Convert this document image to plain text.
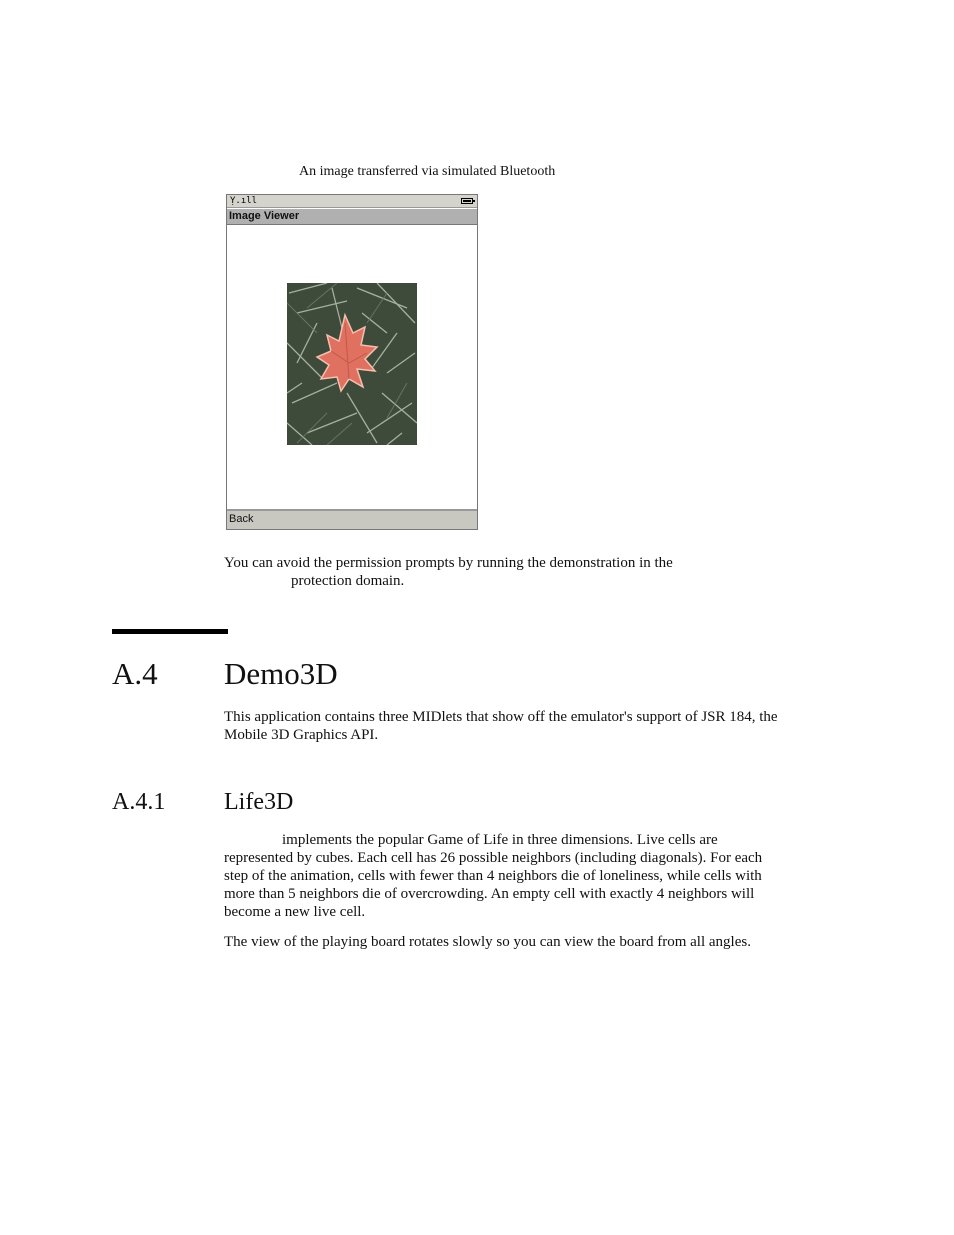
An image transferred via simulated Bluetooth
Ỵ.ıll
Image Viewer
Back
You can avoid the permission prompts by running the demonstration in the
protection domain.
A.4 Demo3D
This application contains three MIDlets that show off the emulator's support of JSR 184, the Mobile 3D Graphics API.
A.4.1 Life3D
implements the popular Game of Life in three dimensions. Live cells are represented by cubes. Each cell has 26 possible neighbors (including diagonals). For each step of the animation, cells with fewer than 4 neighbors die of loneliness, while cells with more than 5 neighbors die of overcrowding. An empty cell with exactly 4 neighbors will become a new live cell.
The view of the playing board rotates slowly so you can view the board from all angles.
